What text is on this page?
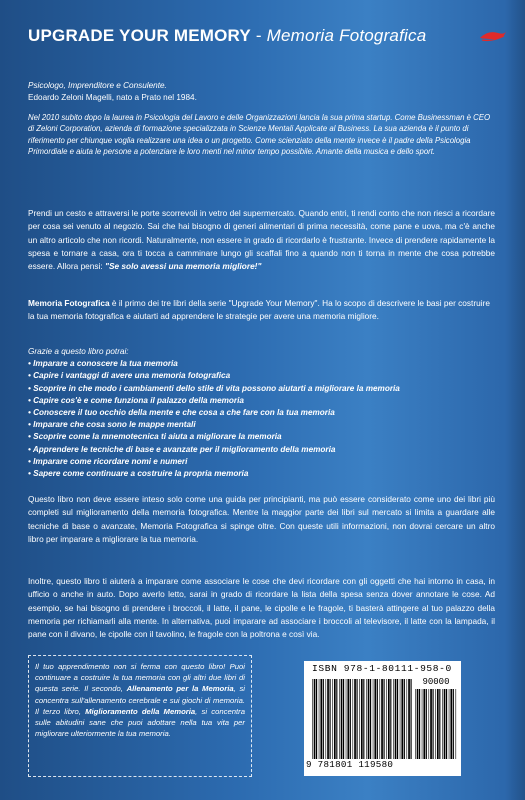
UPGRADE YOUR MEMORY - Memoria Fotografica
Psicologo, Imprenditore e Consulente.
Edoardo Zeloni Magelli, nato a Prato nel 1984.
Nel 2010 subito dopo la laurea in Psicologia del Lavoro e delle Organizzazioni lancia la sua prima startup. Come Businessman è CEO di Zeloni Corporation, azienda di formazione specializzata in Scienze Mentali Applicate al Business. La sua azienda è il punto di riferimento per chiunque voglia realizzare una idea o un progetto. Come scienziato della mente invece è il padre della Psicologia Primordiale e aiuta le persone a potenziare le loro menti nel minor tempo possibile. Amante della musica e dello sport.
Prendi un cesto e attraversi le porte scorrevoli in vetro del supermercato. Quando entri, ti rendi conto che non riesci a ricordare per cosa sei venuto al negozio. Sai che hai bisogno di generi alimentari di prima necessità, come pane e uova, ma c'è anche un altro articolo che non ricordi. Naturalmente, non essere in grado di ricordarlo è frustrante. Invece di prendere rapidamente la spesa e tornare a casa, ora ti tocca a camminare lungo gli scaffali fino a quando non ti torna in mente che cosa potrebbe essere. Allora pensi: "Se solo avessi una memoria migliore!"
Memoria Fotografica è il primo dei tre libri della serie "Upgrade Your Memory". Ha lo scopo di descrivere le basi per costruire la tua memoria fotografica e aiutarti ad apprendere le strategie per avere una memoria migliore.
Grazie a questo libro potrai:
• Imparare a conoscere la tua memoria
• Capire i vantaggi di avere una memoria fotografica
• Scoprire in che modo i cambiamenti dello stile di vita possono aiutarti a migliorare la memoria
• Capire cos'è e come funziona il palazzo della memoria
• Conoscere il tuo occhio della mente e che cosa a che fare con la tua memoria
• Imparare che cosa sono le mappe mentali
• Scoprire come la mnemotecnica ti aiuta a migliorare la memoria
• Apprendere le tecniche di base e avanzate per il miglioramento della memoria
• Imparare come ricordare nomi e numeri
• Sapere come continuare a costruire la propria memoria
Questo libro non deve essere inteso solo come una guida per principianti, ma può essere considerato come uno dei libri più completi sul miglioramento della memoria fotografica. Mentre la maggior parte dei libri sul mercato si limita a guardare alle tecniche di base o avanzate, Memoria Fotografica si spinge oltre. Con queste utili informazioni, non dovrai cercare un altro libro per imparare a migliorare la tua memoria.
Inoltre, questo libro ti aiuterà a imparare come associare le cose che devi ricordare con gli oggetti che hai intorno in casa, in ufficio o anche in auto. Dopo averlo letto, sarai in grado di ricordare la lista della spesa senza dover annotare le cose. Ad esempio, se hai bisogno di prendere i broccoli, il latte, il pane, le cipolle e le fragole, ti basterà attingere al tuo palazzo della memoria per richiamarli alla mente. In alternativa, puoi imparare ad associare i broccoli al televisore, il latte con la lampada, il pane con il divano, le cipolle con il tavolino, le fragole con la poltrona e così via.
Il tuo apprendimento non si ferma con questo libro! Puoi continuare a costruire la tua memoria con gli altri due libri di questa serie. Il secondo, Allenamento per la Memoria, si concentra sull'allenamento cerebrale e sui giochi di memoria. Il terzo libro, Miglioramento della Memoria, si concentra sulle abitudini sane che puoi adottare nella tua vita per migliorare ulteriormente la tua memoria.
ISBN 978-1-80111-958-0
90000
9 781801 119580
